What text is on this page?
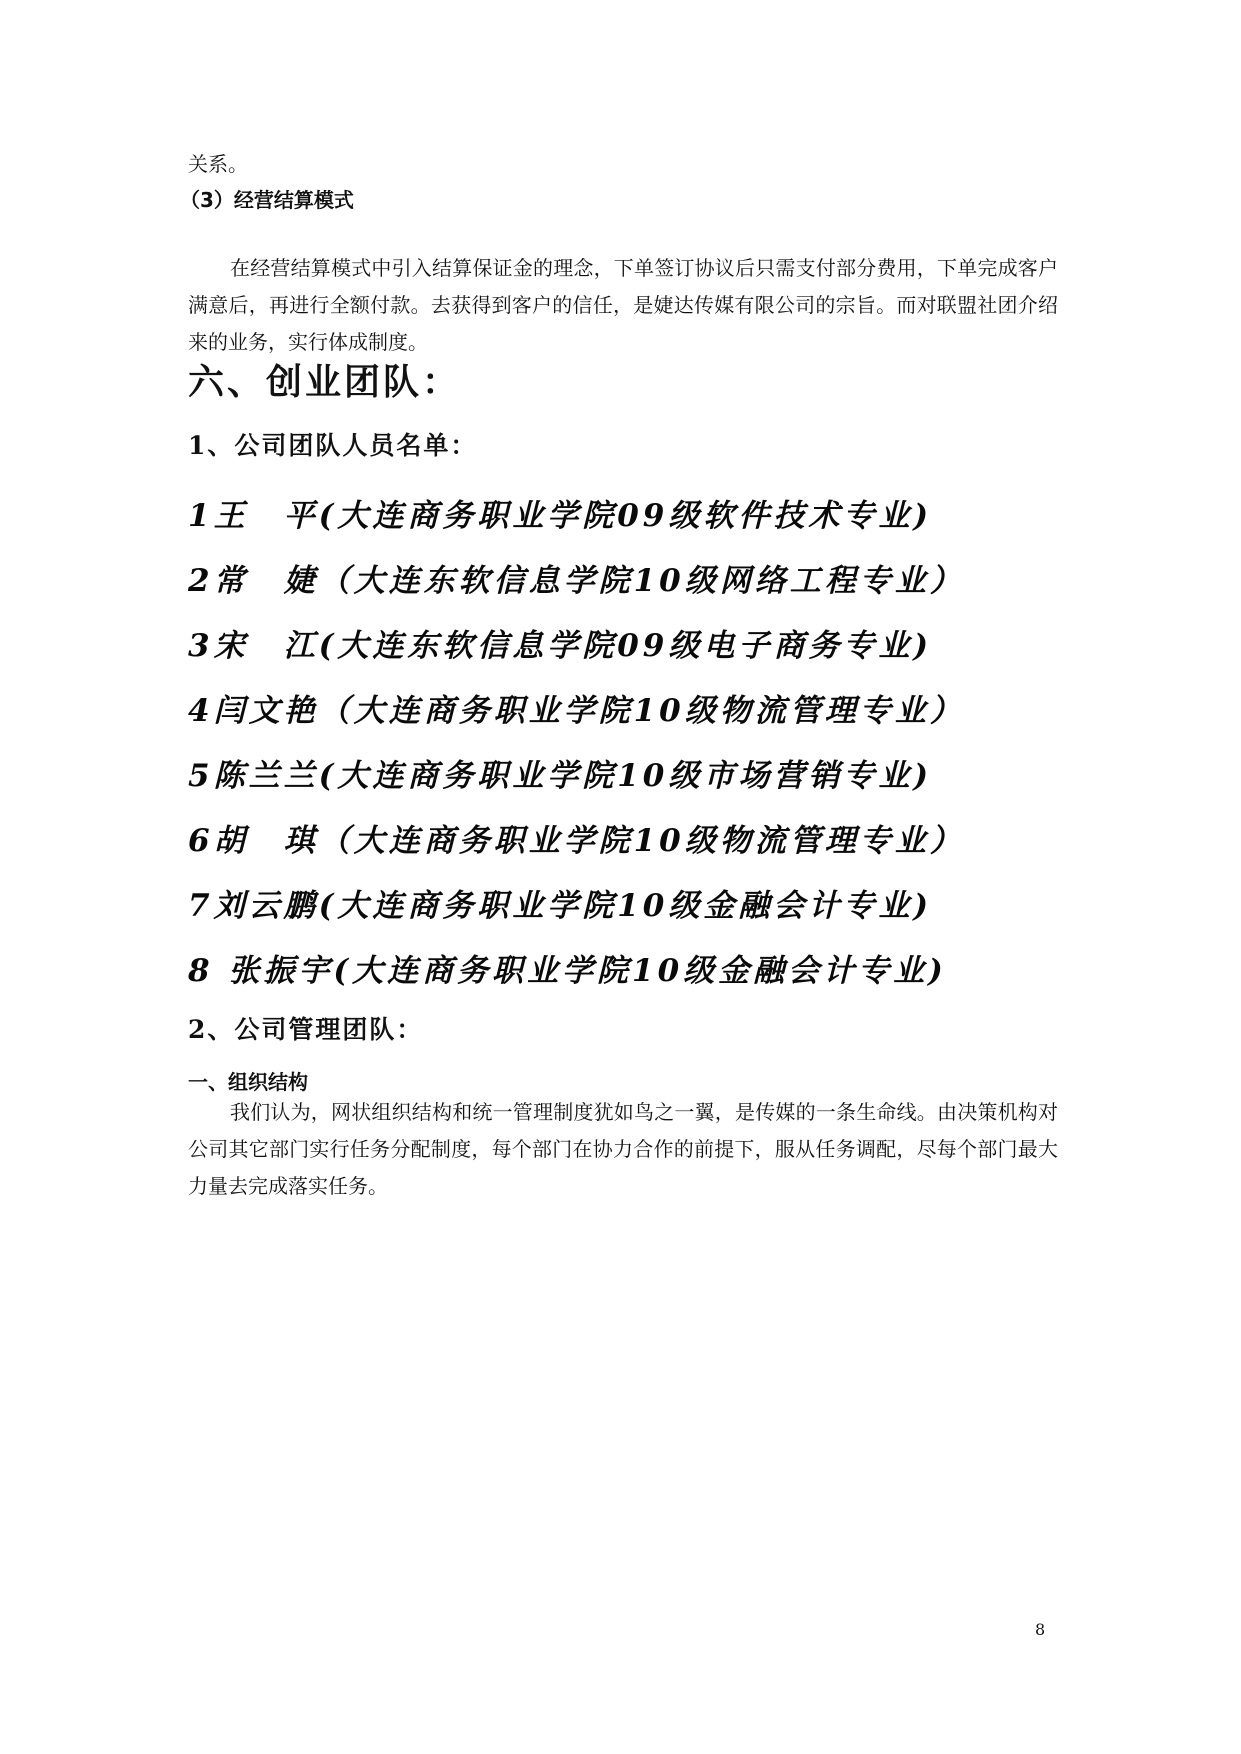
关系。
（3）经营结算模式
在经营结算模式中引入结算保证金的理念，下单签订协议后只需支付部分费用，下单完成客户满意后，再进行全额付款。去获得到客户的信任，是婕达传媒有限公司的宗旨。而对联盟社团介绍来的业务，实行体成制度。
六、创业团队：
1、公司团队人员名单：
1王　平(大连商务职业学院09级软件技术专业)
2常　婕（大连东软信息学院10级网络工程专业）
3宋　江(大连东软信息学院09级电子商务专业)
4闫文艳（大连商务职业学院10级物流管理专业）
5陈兰兰(大连商务职业学院10级市场营销专业)
6胡　琪（大连商务职业学院10级物流管理专业）
7刘云鹏(大连商务职业学院10级金融会计专业)
8 张振宇(大连商务职业学院10级金融会计专业)
2、公司管理团队：
一、组织结构
我们认为，网状组织结构和统一管理制度犹如鸟之一翼，是传媒的一条生命线。由决策机构对公司其它部门实行任务分配制度，每个部门在协力合作的前提下，服从任务调配，尽每个部门最大力量去完成落实任务。
8
